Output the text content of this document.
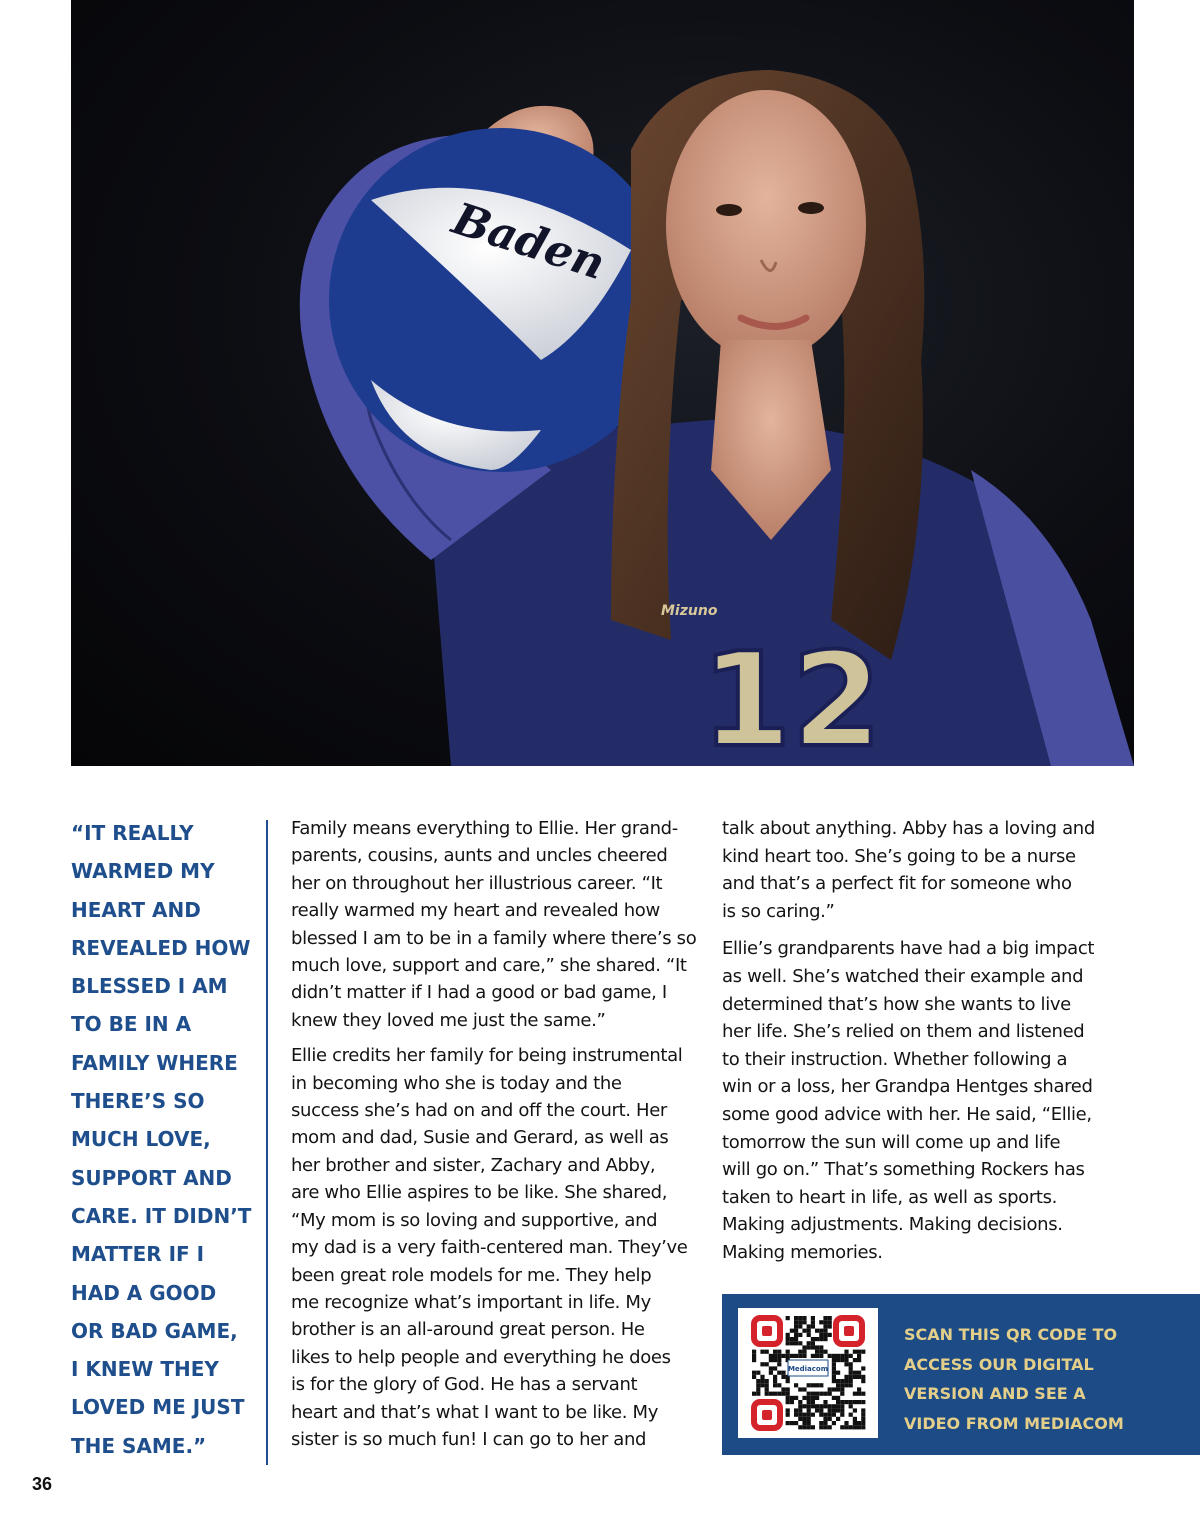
Baden
Mizuno
12
“IT REALLY
WARMED MY
HEART AND
REVEALED HOW
BLESSED I AM
TO BE IN A
FAMILY WHERE
THERE’S SO
MUCH LOVE,
SUPPORT AND
CARE. IT DIDN’T
MATTER IF I
HAD A GOOD
OR BAD GAME,
I KNEW THEY
LOVED ME JUST
THE SAME.”
Family means everything to Ellie. Her grand-
parents, cousins, aunts and uncles cheered
her on throughout her illustrious career. “It
really warmed my heart and revealed how
blessed I am to be in a family where there’s so
much love, support and care,” she shared. “It
didn’t matter if I had a good or bad game, I
knew they loved me just the same.”
Ellie credits her family for being instrumental
in becoming who she is today and the
success she’s had on and off the court. Her
mom and dad, Susie and Gerard, as well as
her brother and sister, Zachary and Abby,
are who Ellie aspires to be like. She shared,
“My mom is so loving and supportive, and
my dad is a very faith-centered man. They’ve
been great role models for me. They help
me recognize what’s important in life. My
brother is an all-around great person. He
likes to help people and everything he does
is for the glory of God. He has a servant
heart and that’s what I want to be like. My
sister is so much fun! I can go to her and
talk about anything. Abby has a loving and
kind heart too. She’s going to be a nurse
and that’s a perfect fit for someone who
is so caring.”
Ellie’s grandparents have had a big impact
as well. She’s watched their example and
determined that’s how she wants to live
her life. She’s relied on them and listened
to their instruction. Whether following a
win or a loss, her Grandpa Hentges shared
some good advice with her. He said, “Ellie,
tomorrow the sun will come up and life
will go on.” That’s something Rockers has
taken to heart in life, as well as sports.
Making adjustments. Making decisions.
Making memories.
Mediacom
SCAN THIS QR CODE TO
ACCESS OUR DIGITAL
VERSION AND SEE A
VIDEO FROM MEDIACOM
36
